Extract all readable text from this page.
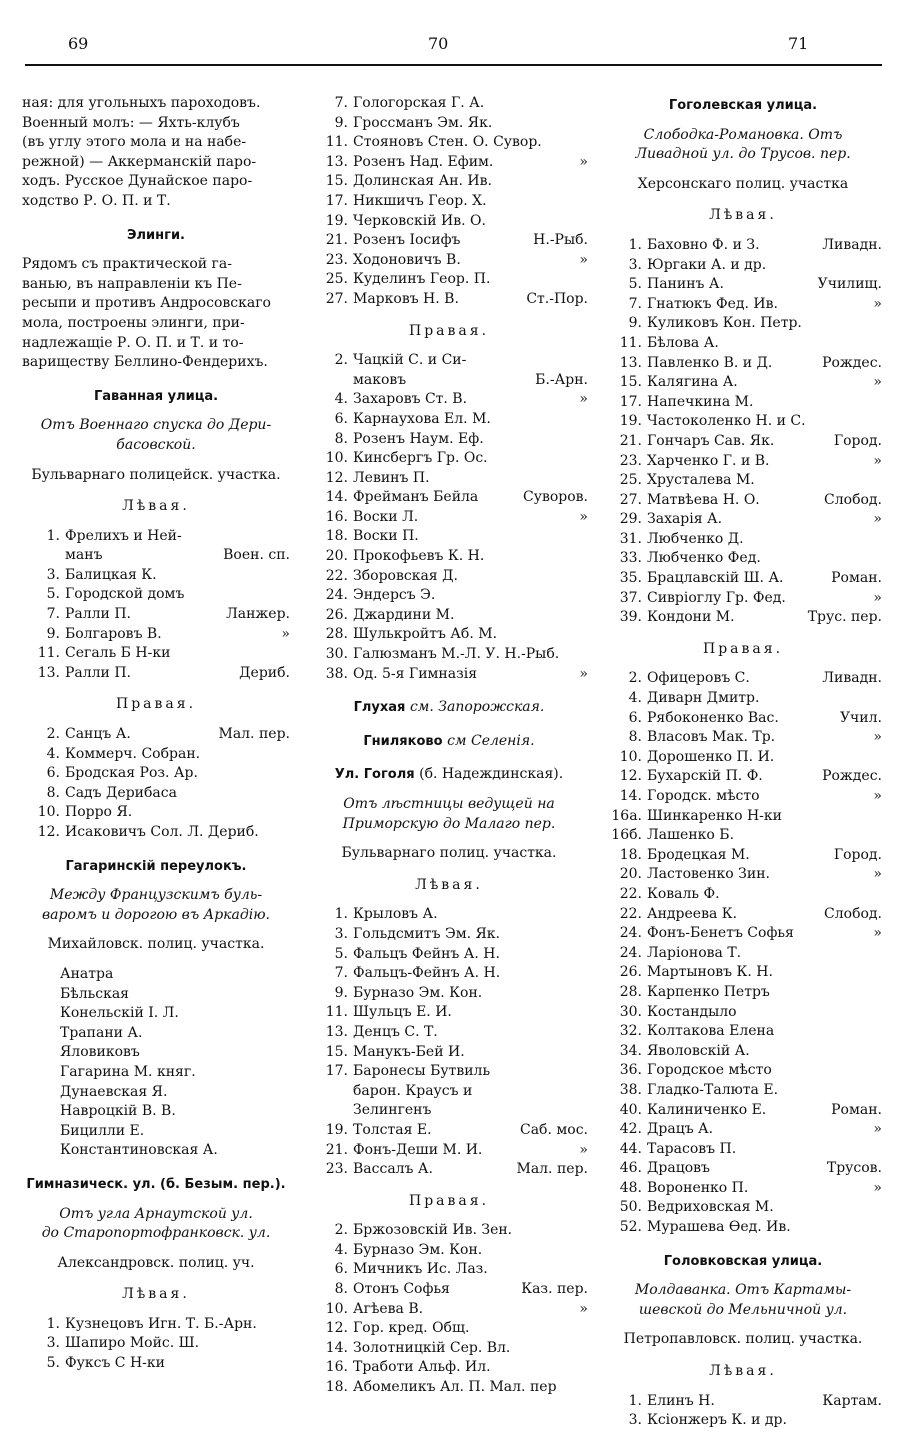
69	70	71

ная: для угольныхъ пароходовъ.

Военный молъ: — Яхть-клубъ

(въ углу этого мола и на набе-

режной) — Аккерманскій паро-

ходъ. Русское Дунайское паро-

ходство Р. О. П. и Т.

Элинги.

Рядомъ съ практической га-

ванью, въ направленіи къ Пе-

ресыпи и противъ Андросовскаго

мола, построены элинги, при-

надлежащіе Р. О. П. и Т. и то-

вариществу Беллино-Фендерихъ.

Гаванная улица.
Отъ Военнаго спуска до Дери-
басовской.
Бульварнаго полицейск. участка.
Лѣвая.
1. Фрелихъ и Ней-
манъ	Воен. сп.
3. Балицкая К.
5. Городской домъ
7. Ралли П.	Ланжер.
9. Болгаровъ В.	»
11. Сегаль Б Н-ки
13. Ралли П.	Дериб.
Правая.
2. Санцъ А.	Мал. пер.
4. Коммерч. Собран.
6. Бродская Роз. Ар.
8. Садъ Дерибаса
10. Порро Я.
12. Исаковичъ Сол. Л. Дериб.
Гагаринскій переулокъ.
Между Французскимъ буль-
варомъ и дорогою въ Аркадію.
Михайловск. полиц. участка.
Анатра
Бѣльская
Конельскій І. Л.
Трапани А.
Яловиковъ
Гагарина М. княг.
Дунаевская Я.
Навроцкій В. В.
Бицилли Е.
Константиновская А.
Гимназическ. ул. (б. Безым. пер.).
Отъ угла Арнаутской ул.
до Старопортофранковск. ул.
Александровск. полиц. уч.
Лѣвая.
1. Кузнецовъ Игн. Т. Б.-Арн.
3. Шапиро Мойс. Ш.
5. Фуксъ С Н-ки
7. Гологорская Г. А.
9. Гроссманъ Эм. Як.
11. Стояновъ Стен. О. Сувор.
13. Розенъ Над. Ефим.	»
15. Долинская Ан. Ив.
17. Никшичъ Геор. Х.
19. Черковскій Ив. О.
21. Розенъ Іосифъ	Н.-Рыб.
23. Ходоновичъ В.	»
25. Куделинъ Геор. П.
27. Марковъ Н. В.	Ст.-Пор.
Правая.
2. Чацкій С. и Си-
маковъ	Б.-Арн.
4. Захаровъ Ст. В.	»
6. Карнаухова Ел. М.
8. Розенъ Наум. Еф.
10. Кинсбергъ Гр. Ос.
12. Левинъ П.
14. Фрейманъ Бейла	Суворов.
16. Воски Л.	»
18. Воски П.
20. Прокофьевъ К. Н.
22. Зборовская Д.
24. Эндерсъ Э.
26. Джардини М.
28. Шулькройтъ Аб. М.
30. Галюзманъ М.-Л. У. Н.-Рыб.
38. Од. 5-я Гимназія	»
Глухая см. Запорожская.
Гниляково см Селенія.
Ул. Гоголя (б. Надеждинская).
Отъ лѣстницы ведущей на
Приморскую до Малаго пер.
Бульварнаго полиц. участка.
Лѣвая.
1. Крыловъ А.
3. Гольдсмитъ Эм. Як.
5. Фальцъ Фейнъ А. Н.
7. Фальцъ-Фейнъ А. Н.
9. Бурназо Эм. Кон.
11. Шульцъ Е. И.
13. Денцъ С. Т.
15. Манукъ-Бей И.
17. Баронесы Бутвиль
барон. Краусъ и
Зелингенъ
19. Толстая Е.	Саб. мос.
21. Фонъ-Деши М. И.	»
23. Вассалъ А.	Мал. пер.
Правая.
2. Бржозовскій Ив. Зен.
4. Бурназо Эм. Кон.
6. Мичникъ Ис. Лаз.
8. Отонъ Софья	Каз. пер.
10. Агѣева В.	»
12. Гор. кред. Общ.
14. Золотницкій Сер. Вл.
16. Тработи Альф. Ил.
18. Абомеликъ Ал. П. Мал. пер
Гоголевская улица.
Слободка-Романовка. Отъ
Ливадной ул. до Трусов. пер.
Херсонскаго полиц. участка
Лѣвая.
1. Баховно Ф. и З.	Ливадн.
3. Юргаки А. и др.
5. Панинъ А.	Училищ.
7. Гнатюкъ Фед. Ив.	»
9. Куликовъ Кон. Петр.
11. Бѣлова А.
13. Павленко В. и Д.	Рождес.
15. Калягина А.	»
17. Напечкина М.
19. Частоколенко Н. и С.
21. Гончаръ Сав. Як.	Город.
23. Харченко Г. и В.	»
25. Хрусталева М.
27. Матвѣева Н. О.	Слобод.
29. Захарія А.	»
31. Любченко Д.
33. Любченко Фед.
35. Брацлавскій Ш. А.	Роман.
37. Сивріоглу Гр. Фед.	»
39. Кондони М.	Трус. пер.
Правая.
2. Офицеровъ С.	Ливадн.
4. Диварн Дмитр.
6. Рябоконенко Вас.	Учил.
8. Власовъ Мак. Тр.	»
10. Дорошенко П. И.
12. Бухарскій П. Ф.	Рождес.
14. Городск. мѣсто	»
16а. Шинкаренко Н-ки
16б. Лашенко Б.
18. Бродецкая М.	Город.
20. Ластовенко Зин.	»
22. Коваль Ф.
22. Андреева К.	Слобод.
24. Фонъ-Бенетъ Софья	»
24. Ларіонова Т.
26. Мартыновъ К. Н.
28. Карпенко Петръ
30. Костандыло
32. Колтакова Елена
34. Яволовскій А.
36. Городское мѣсто
38. Гладко-Талюта Е.
40. Калиниченко Е.	Роман.
42. Драцъ А.	»
44. Тарасовъ П.
46. Драцовъ	Трусов.
48. Вороненко П.	»
50. Ведриховская М.
52. Мурашева Ѳед. Ив.
Головковская улица.
Молдаванка. Отъ Картамы-
шевской до Мельничной ул.
Петропавловск. полиц. участка.
Лѣвая.
1. Елинъ Н.	Картам.
3. Ксіонжеръ К. и др.
